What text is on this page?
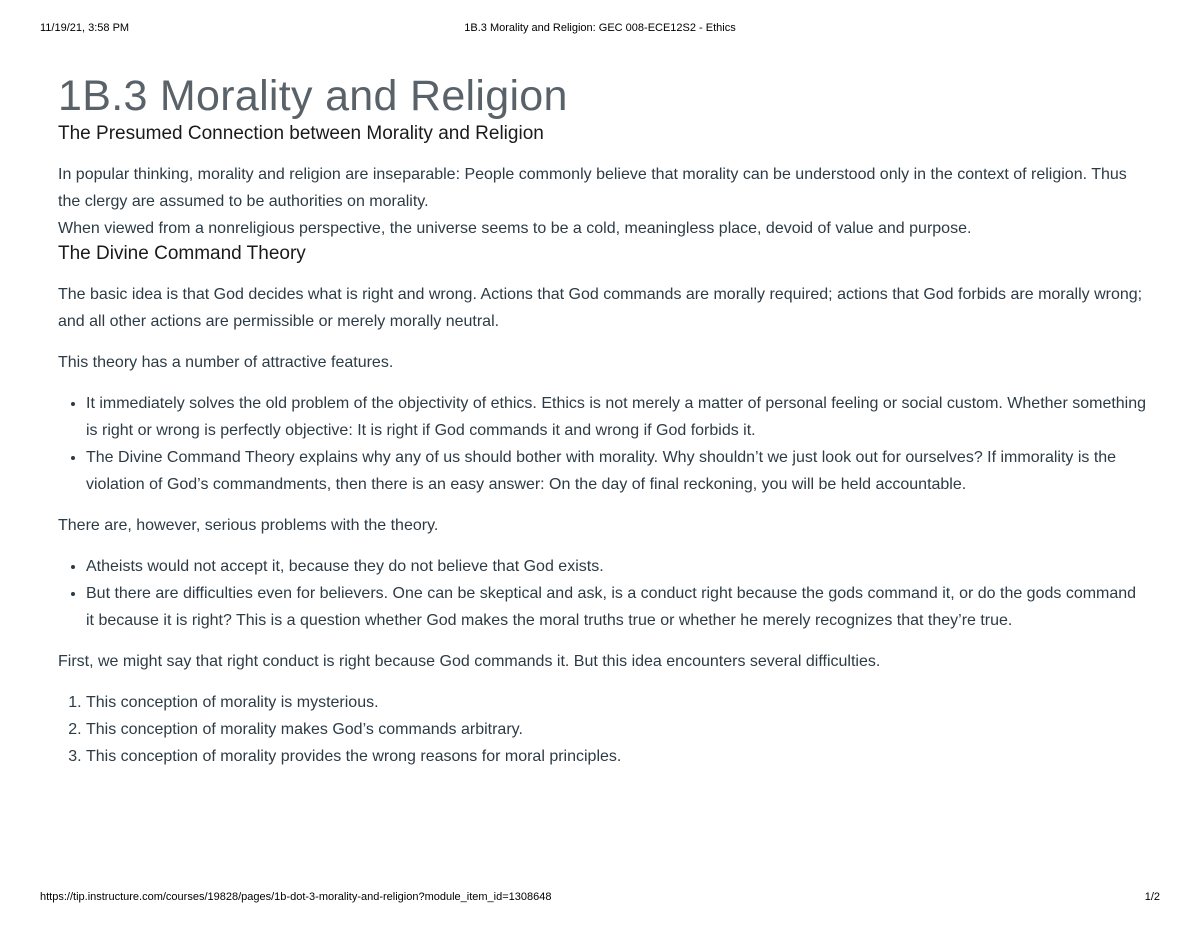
11/19/21, 3:58 PM	1B.3 Morality and Religion: GEC 008-ECE12S2 - Ethics
1B.3 Morality and Religion
The Presumed Connection between Morality and Religion

In popular thinking, morality and religion are inseparable: People commonly believe that morality can be understood only in the context of religion. Thus the clergy are assumed to be authorities on morality.

When viewed from a nonreligious perspective, the universe seems to be a cold, meaningless place, devoid of value and purpose.

The Divine Command Theory

The basic idea is that God decides what is right and wrong. Actions that God commands are morally required; actions that God forbids are morally wrong; and all other actions are permissible or merely morally neutral.

This theory has a number of attractive features.

• It immediately solves the old problem of the objectivity of ethics. Ethics is not merely a matter of personal feeling or social custom. Whether something is right or wrong is perfectly objective: It is right if God commands it and wrong if God forbids it.
• The Divine Command Theory explains why any of us should bother with morality. Why shouldn’t we just look out for ourselves? If immorality is the violation of God’s commandments, then there is an easy answer: On the day of final reckoning, you will be held accountable.

There are, however, serious problems with the theory.

• Atheists would not accept it, because they do not believe that God exists.
• But there are difficulties even for believers. One can be skeptical and ask, is a conduct right because the gods command it, or do the gods command it because it is right? This is a question whether God makes the moral truths true or whether he merely recognizes that they’re true.

First, we might say that right conduct is right because God commands it. But this idea encounters several difficulties.

1. This conception of morality is mysterious.
2. This conception of morality makes God’s commands arbitrary.
3. This conception of morality provides the wrong reasons for moral principles.
https://tip.instructure.com/courses/19828/pages/1b-dot-3-morality-and-religion?module_item_id=1308648	1/2
